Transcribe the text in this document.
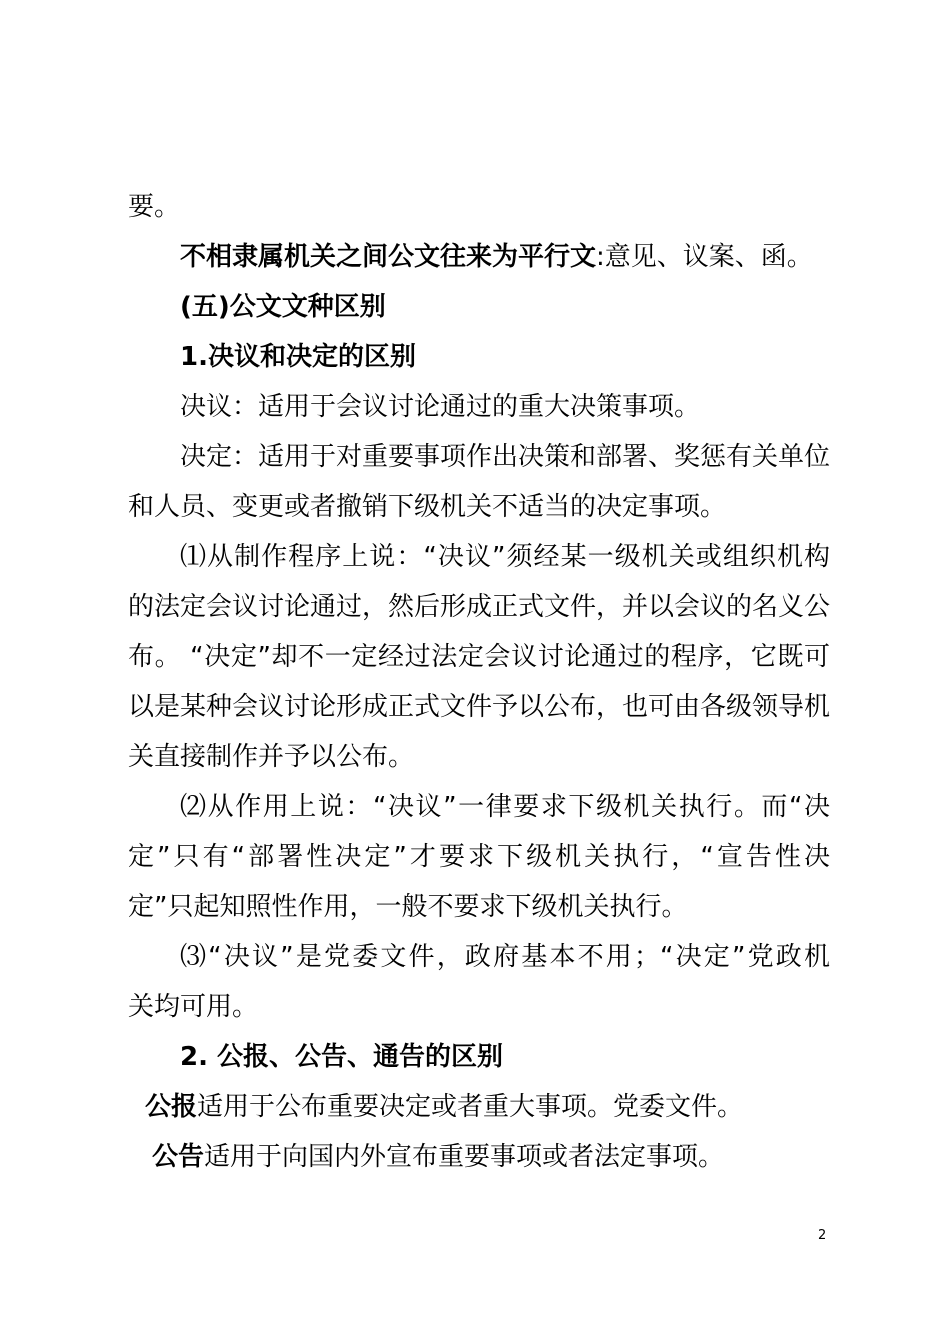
要。
不相隶属机关之间公文往来为平行文:意见、议案、函。
(五)公文文种区别
1.决议和决定的区别
决议：适用于会议讨论通过的重大决策事项。
决定：适用于对重要事项作出决策和部署、奖惩有关单位
和人员、变更或者撤销下级机关不适当的决定事项。
⑴从制作程序上说：“决议”须经某一级机关或组织机构
的法定会议讨论通过，然后形成正式文件，并以会议的名义公
布。 “决定”却不一定经过法定会议讨论通过的程序，它既可
以是某种会议讨论形成正式文件予以公布，也可由各级领导机
关直接制作并予以公布。
⑵从作用上说：“决议”一律要求下级机关执行。而“决
定”只有“部署性决定”才要求下级机关执行，“宣告性决
定”只起知照性作用，一般不要求下级机关执行。
⑶“决议”是党委文件，政府基本不用；“决定”党政机
关均可用。
2. 公报、公告、通告的区别
公报适用于公布重要决定或者重大事项。党委文件。
公告适用于向国内外宣布重要事项或者法定事项。
2
